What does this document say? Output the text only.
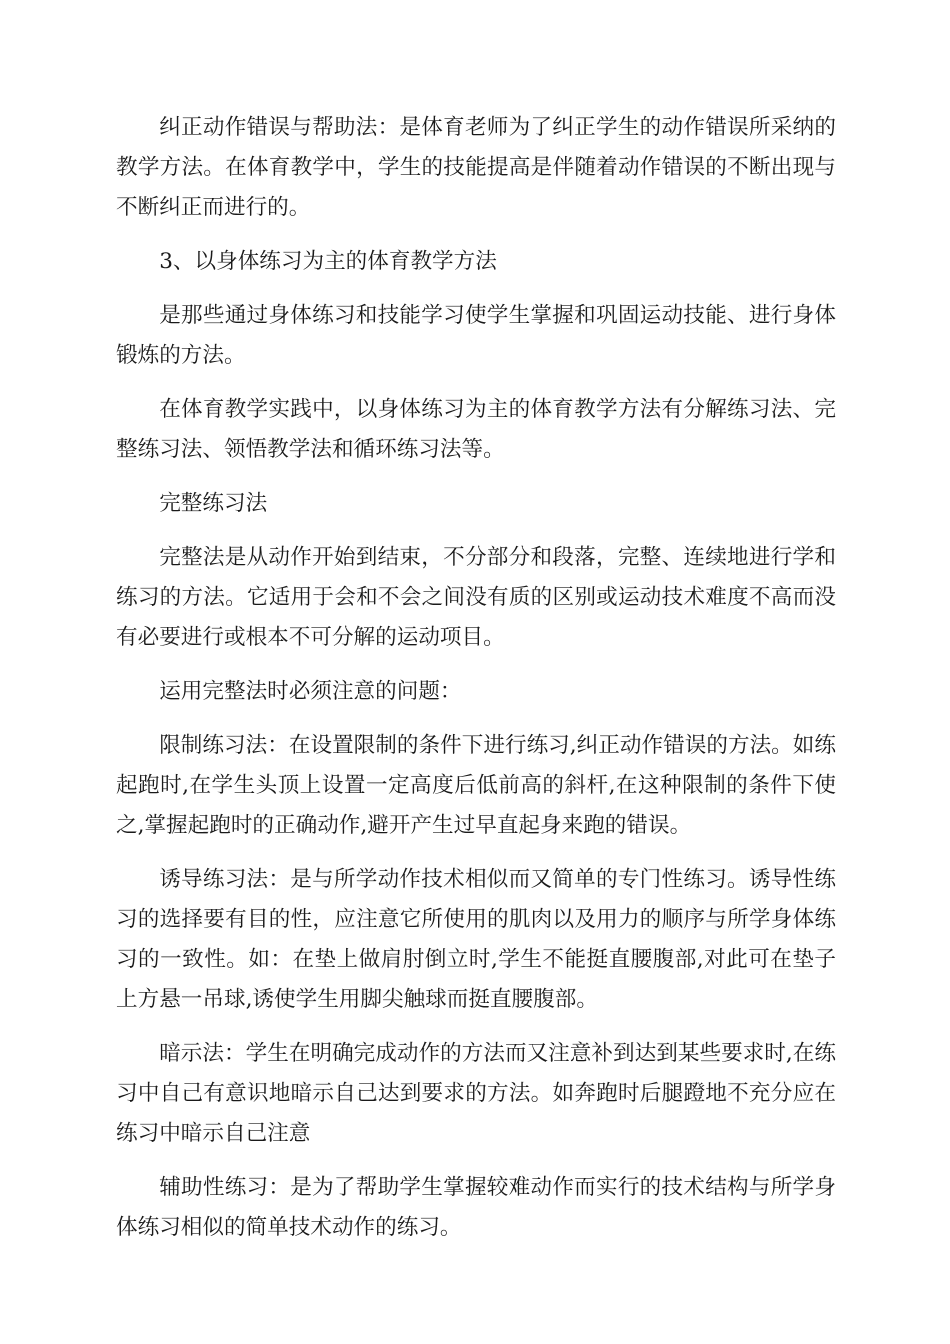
纠正动作错误与帮助法：是体育老师为了纠正学生的动作错误所采纳的教学方法。在体育教学中，学生的技能提高是伴随着动作错误的不断出现与不断纠正而进行的。

3、以身体练习为主的体育教学方法

是那些通过身体练习和技能学习使学生掌握和巩固运动技能、进行身体锻炼的方法。

在体育教学实践中，以身体练习为主的体育教学方法有分解练习法、完整练习法、领悟教学法和循环练习法等。

完整练习法

完整法是从动作开始到结束，不分部分和段落，完整、连续地进行学和练习的方法。它适用于会和不会之间没有质的区别或运动技术难度不高而没有必要进行或根本不可分解的运动项目。

运用完整法时必须注意的问题：

限制练习法：在设置限制的条件下进行练习,纠正动作错误的方法。如练起跑时,在学生头顶上设置一定高度后低前高的斜杆,在这种限制的条件下使之,掌握起跑时的正确动作,避开产生过早直起身来跑的错误。

诱导练习法：是与所学动作技术相似而又简单的专门性练习。诱导性练习的选择要有目的性，应注意它所使用的肌肉以及用力的顺序与所学身体练习的一致性。如：在垫上做肩肘倒立时,学生不能挺直腰腹部,对此可在垫子上方悬一吊球,诱使学生用脚尖触球而挺直腰腹部。

暗示法：学生在明确完成动作的方法而又注意补到达到某些要求时,在练习中自己有意识地暗示自己达到要求的方法。如奔跑时后腿蹬地不充分应在练习中暗示自己注意

辅助性练习：是为了帮助学生掌握较难动作而实行的技术结构与所学身体练习相似的简单技术动作的练习。
